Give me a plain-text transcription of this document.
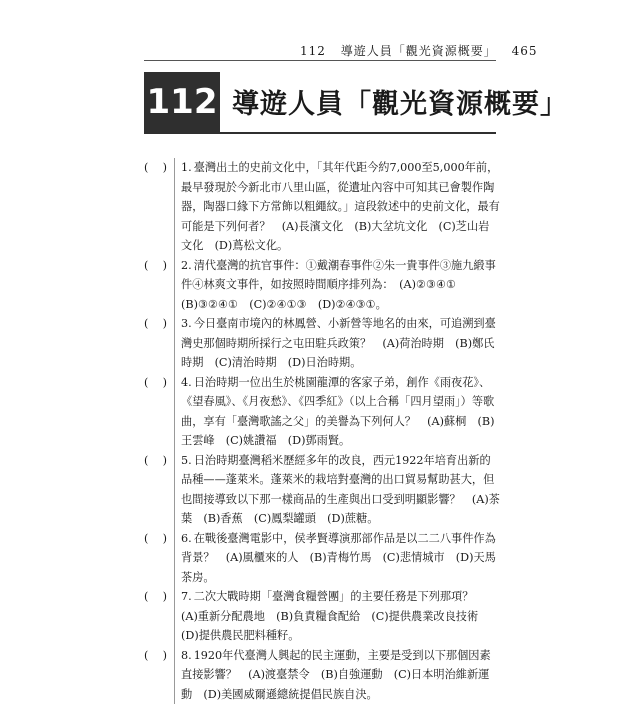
112 導遊人員「觀光資源概要」 465
112 導遊人員「觀光資源概要」
(    )	1. 臺灣出土的史前文化中，「其年代距今約7,000至5,000年前，最早發現於今新北市八里山區，從遺址內容中可知其已會製作陶器，陶器口緣下方常飾以粗繩紋。」這段敘述中的史前文化，最有可能是下列何者？　(A)長濱文化　(B)大坌坑文化　(C)芝山岩文化　(D)蔦松文化。
(    )	2. 清代臺灣的抗官事件：①戴潮春事件②朱一貴事件③施九緞事件④林爽文事件，如按照時間順序排列為：　(A)②③④①　(B)③②④①　(C)②④①③　(D)②④③①。
(    )	3. 今日臺南市境內的林鳳營、小新營等地名的由來，可追溯到臺灣史那個時期所採行之屯田駐兵政策？　(A)荷治時期　(B)鄭氏時期　(C)清治時期　(D)日治時期。
(    )	4. 日治時期一位出生於桃園龍潭的客家子弟，創作《雨夜花》、《望春風》、《月夜愁》、《四季紅》（以上合稱「四月望雨」）等歌曲，享有「臺灣歌謠之父」的美譽為下列何人？　(A)蘇桐　(B)王雲峰　(C)姚讚福　(D)鄧雨賢。
(    )	5. 日治時期臺灣稻米歷經多年的改良，西元1922年培育出新的品種——蓬萊米。蓬萊米的栽培對臺灣的出口貿易幫助甚大，但也間接導致以下那一樣商品的生產與出口受到明顯影響？　(A)茶葉　(B)香蕉　(C)鳳梨罐頭　(D)蔗糖。
(    )	6. 在戰後臺灣電影中，侯孝賢導演那部作品是以二二八事件作為背景？　(A)風櫃來的人　(B)青梅竹馬　(C)悲情城市　(D)天馬茶房。
(    )	7. 二次大戰時期「臺灣食糧營團」的主要任務是下列那項？　(A)重新分配農地　(B)負責糧食配給　(C)提供農業改良技術　(D)提供農民肥料種籽。
(    )	8. 1920年代臺灣人興起的民主運動，主要是受到以下那個因素直接影響？　(A)渡臺禁令　(B)自強運動　(C)日本明治維新運動　(D)美國威爾遜總統提倡民族自決。
